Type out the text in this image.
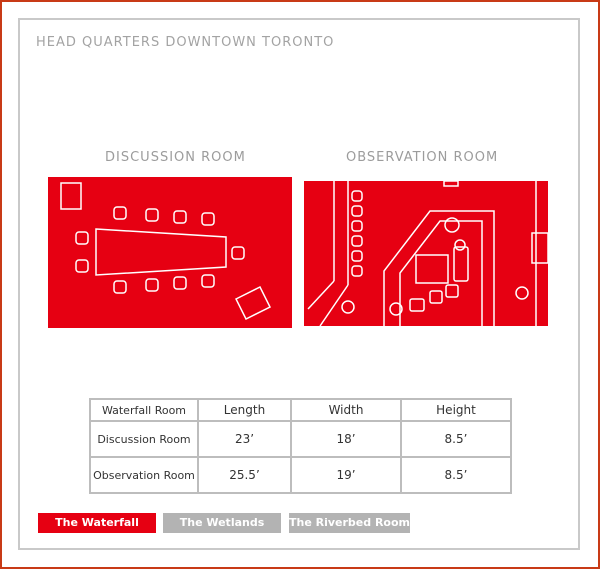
HEAD QUARTERS DOWNTOWN TORONTO
DISCUSSION ROOM	OBSERVATION ROOM
Waterfall Room	Length	Width	Height
Discussion Room	23’	18’	8.5’
Observation Room	25.5’	19’	8.5’
The Waterfall Room
The Wetlands Room
The Riverbed Room
